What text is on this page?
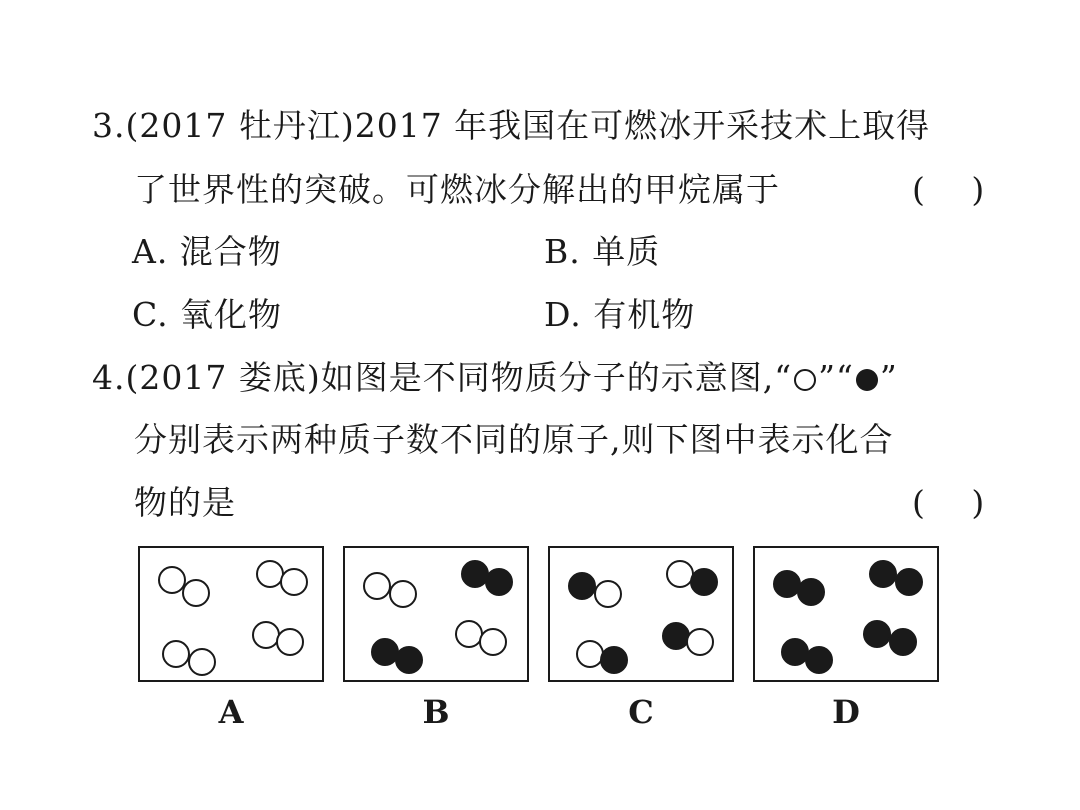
3.(2017 牡丹江)2017 年我国在可燃冰开采技术上取得
了世界性的突破。可燃冰分解出的甲烷属于	(　 )
A. 混合物	B. 单质
C. 氧化物	D. 有机物
4.(2017 娄底)如图是不同物质分子的示意图,“ ”“ ”
分别表示两种质子数不同的原子,则下图中表示化合
物的是	(　 )
A	B	C	D
